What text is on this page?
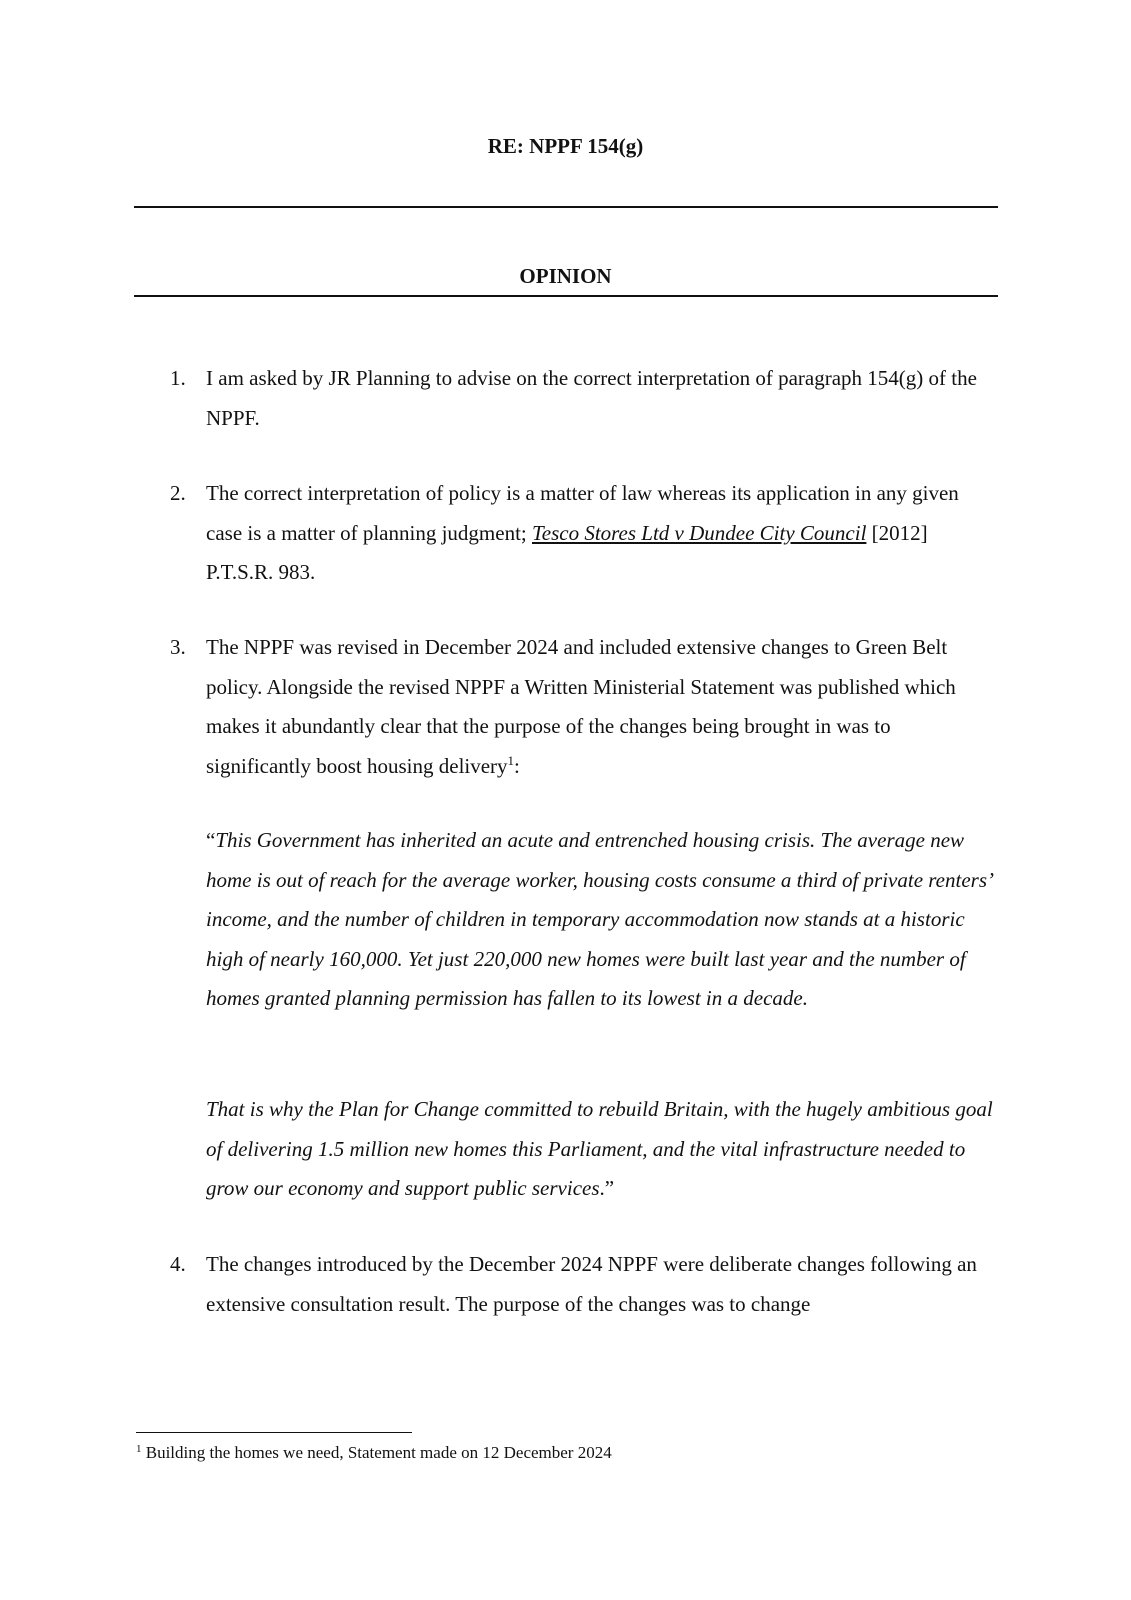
RE: NPPF 154(g)
OPINION
1. I am asked by JR Planning to advise on the correct interpretation of paragraph 154(g) of the NPPF.
2. The correct interpretation of policy is a matter of law whereas its application in any given case is a matter of planning judgment; Tesco Stores Ltd v Dundee City Council [2012] P.T.S.R. 983.
3. The NPPF was revised in December 2024 and included extensive changes to Green Belt policy. Alongside the revised NPPF a Written Ministerial Statement was published which makes it abundantly clear that the purpose of the changes being brought in was to significantly boost housing delivery$^1$:
“This Government has inherited an acute and entrenched housing crisis. The average new home is out of reach for the average worker, housing costs consume a third of private renters’ income, and the number of children in temporary accommodation now stands at a historic high of nearly 160,000. Yet just 220,000 new homes were built last year and the number of homes granted planning permission has fallen to its lowest in a decade.
That is why the Plan for Change committed to rebuild Britain, with the hugely ambitious goal of delivering 1.5 million new homes this Parliament, and the vital infrastructure needed to grow our economy and support public services.”
4. The changes introduced by the December 2024 NPPF were deliberate changes following an extensive consultation result. The purpose of the changes was to change

$^1$ Building the homes we need, Statement made on 12 December 2024
